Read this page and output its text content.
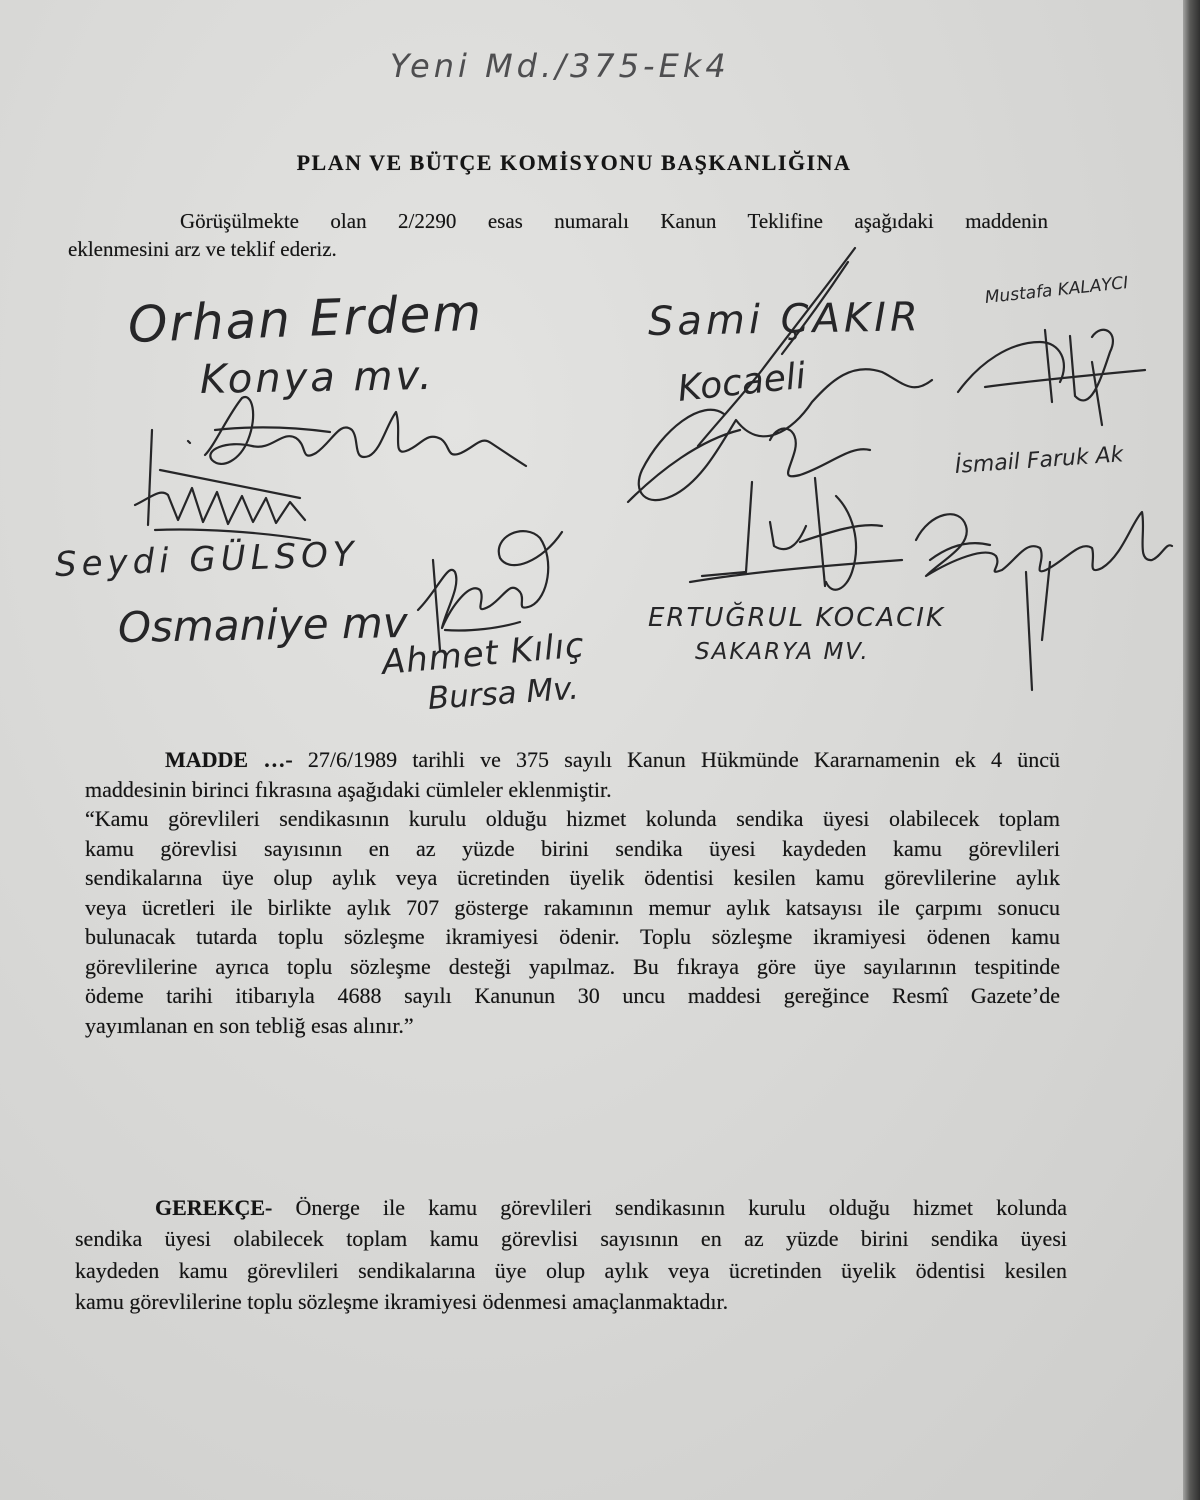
Yeni Md./375-Ek4
PLAN VE BÜTÇE KOMİSYONU BAŞKANLIĞINA
Görüşülmekte olan 2/2290 esas numaralı Kanun Teklifine aşağıdaki maddenin
eklenmesini arz ve teklif ederiz.
Orhan Erdem
Konya mv.
Seydi GÜLSOY
Osmaniye mv
Ahmet Kılıç
Bursa Mv.
Sami ÇAKIR
Kocaeli
Mustafa KALAYCI
İsmail Faruk Ak
ERTUĞRUL KOCACIK
SAKARYA MV.
MADDE …- 27/6/1989 tarihli ve 375 sayılı Kanun Hükmünde Kararnamenin ek 4 üncü
maddesinin birinci fıkrasına aşağıdaki cümleler eklenmiştir.
“Kamu görevlileri sendikasının kurulu olduğu hizmet kolunda sendika üyesi olabilecek toplam
kamu görevlisi sayısının en az yüzde birini sendika üyesi kaydeden kamu görevlileri
sendikalarına üye olup aylık veya ücretinden üyelik ödentisi kesilen kamu görevlilerine aylık
veya ücretleri ile birlikte aylık 707 gösterge rakamının memur aylık katsayısı ile çarpımı sonucu
bulunacak tutarda toplu sözleşme ikramiyesi ödenir. Toplu sözleşme ikramiyesi ödenen kamu
görevlilerine ayrıca toplu sözleşme desteği yapılmaz. Bu fıkraya göre üye sayılarının tespitinde
ödeme tarihi itibarıyla 4688 sayılı Kanunun 30 uncu maddesi gereğince Resmî Gazete’de
yayımlanan en son tebliğ esas alınır.”
GEREKÇE- Önerge ile kamu görevlileri sendikasının kurulu olduğu hizmet kolunda
sendika üyesi olabilecek toplam kamu görevlisi sayısının en az yüzde birini sendika üyesi
kaydeden kamu görevlileri sendikalarına üye olup aylık veya ücretinden üyelik ödentisi kesilen
kamu görevlilerine toplu sözleşme ikramiyesi ödenmesi amaçlanmaktadır.
